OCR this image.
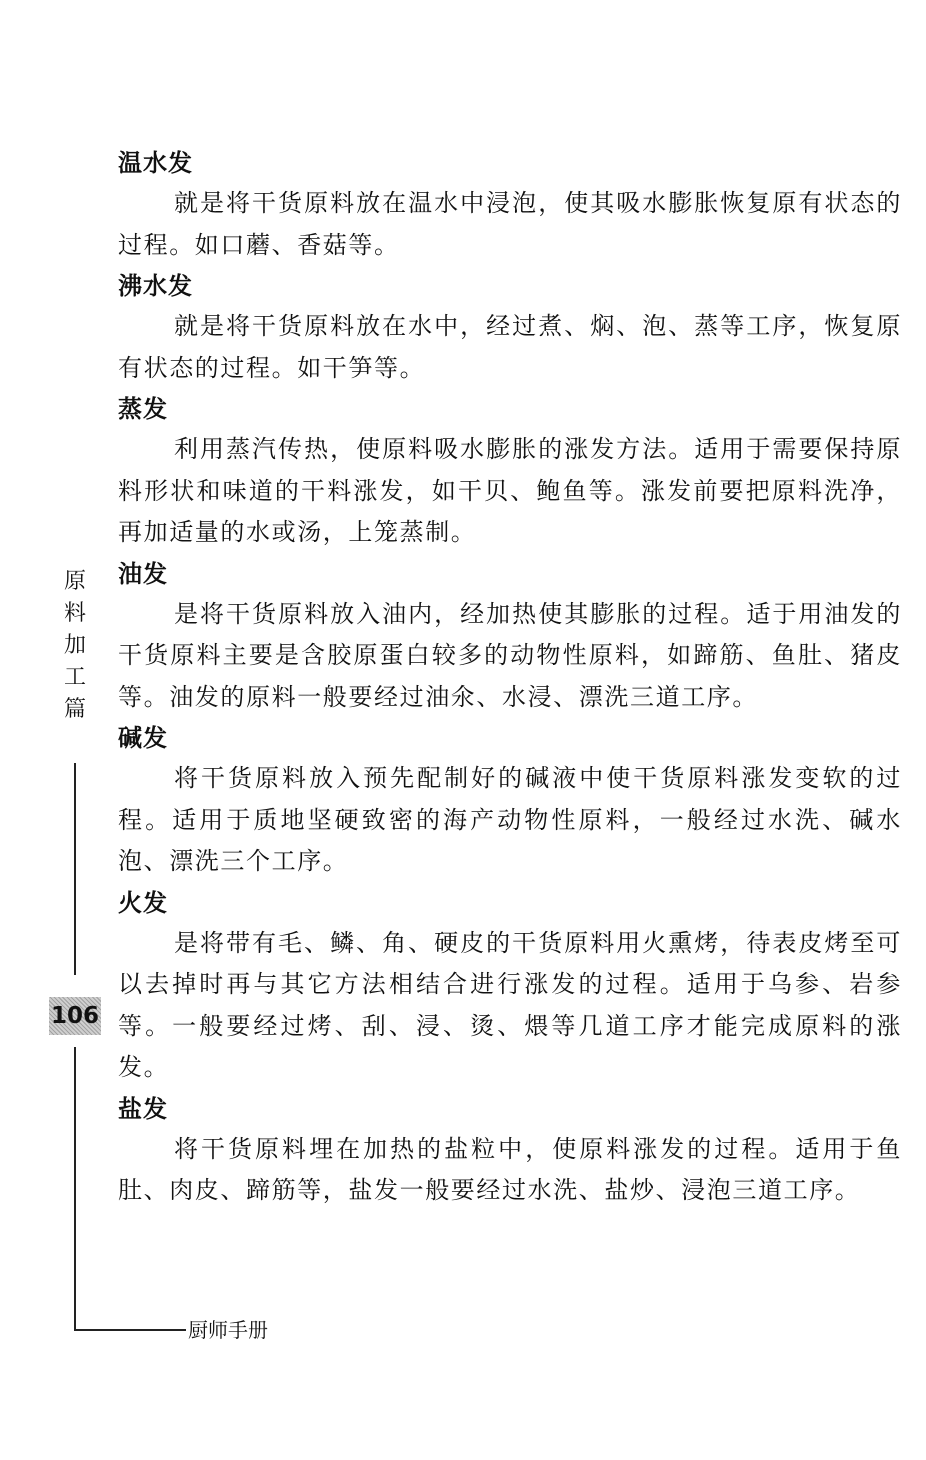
温水发

就是将干货原料放在温水中浸泡，使其吸水膨胀恢复原有状态的过程。如口蘑、香菇等。

沸水发

就是将干货原料放在水中，经过煮、焖、泡、蒸等工序，恢复原有状态的过程。如干笋等。

蒸发

利用蒸汽传热，使原料吸水膨胀的涨发方法。适用于需要保持原料形状和味道的干料涨发，如干贝、鲍鱼等。涨发前要把原料洗净，再加适量的水或汤，上笼蒸制。

油发

是将干货原料放入油内，经加热使其膨胀的过程。适于用油发的干货原料主要是含胶原蛋白较多的动物性原料，如蹄筋、鱼肚、猪皮等。油发的原料一般要经过油氽、水浸、漂洗三道工序。

碱发

将干货原料放入预先配制好的碱液中使干货原料涨发变软的过程。适用于质地坚硬致密的海产动物性原料，一般经过水洗、碱水泡、漂洗三个工序。

火发

是将带有毛、鳞、角、硬皮的干货原料用火熏烤，待表皮烤至可以去掉时再与其它方法相结合进行涨发的过程。适用于乌参、岩参等。一般要经过烤、刮、浸、烫、煨等几道工序才能完成原料的涨发。

盐发

将干货原料埋在加热的盐粒中，使原料涨发的过程。适用于鱼肚、肉皮、蹄筋等，盐发一般要经过水洗、盐炒、浸泡三道工序。

原
料
加
工
篇
106
厨师手册
